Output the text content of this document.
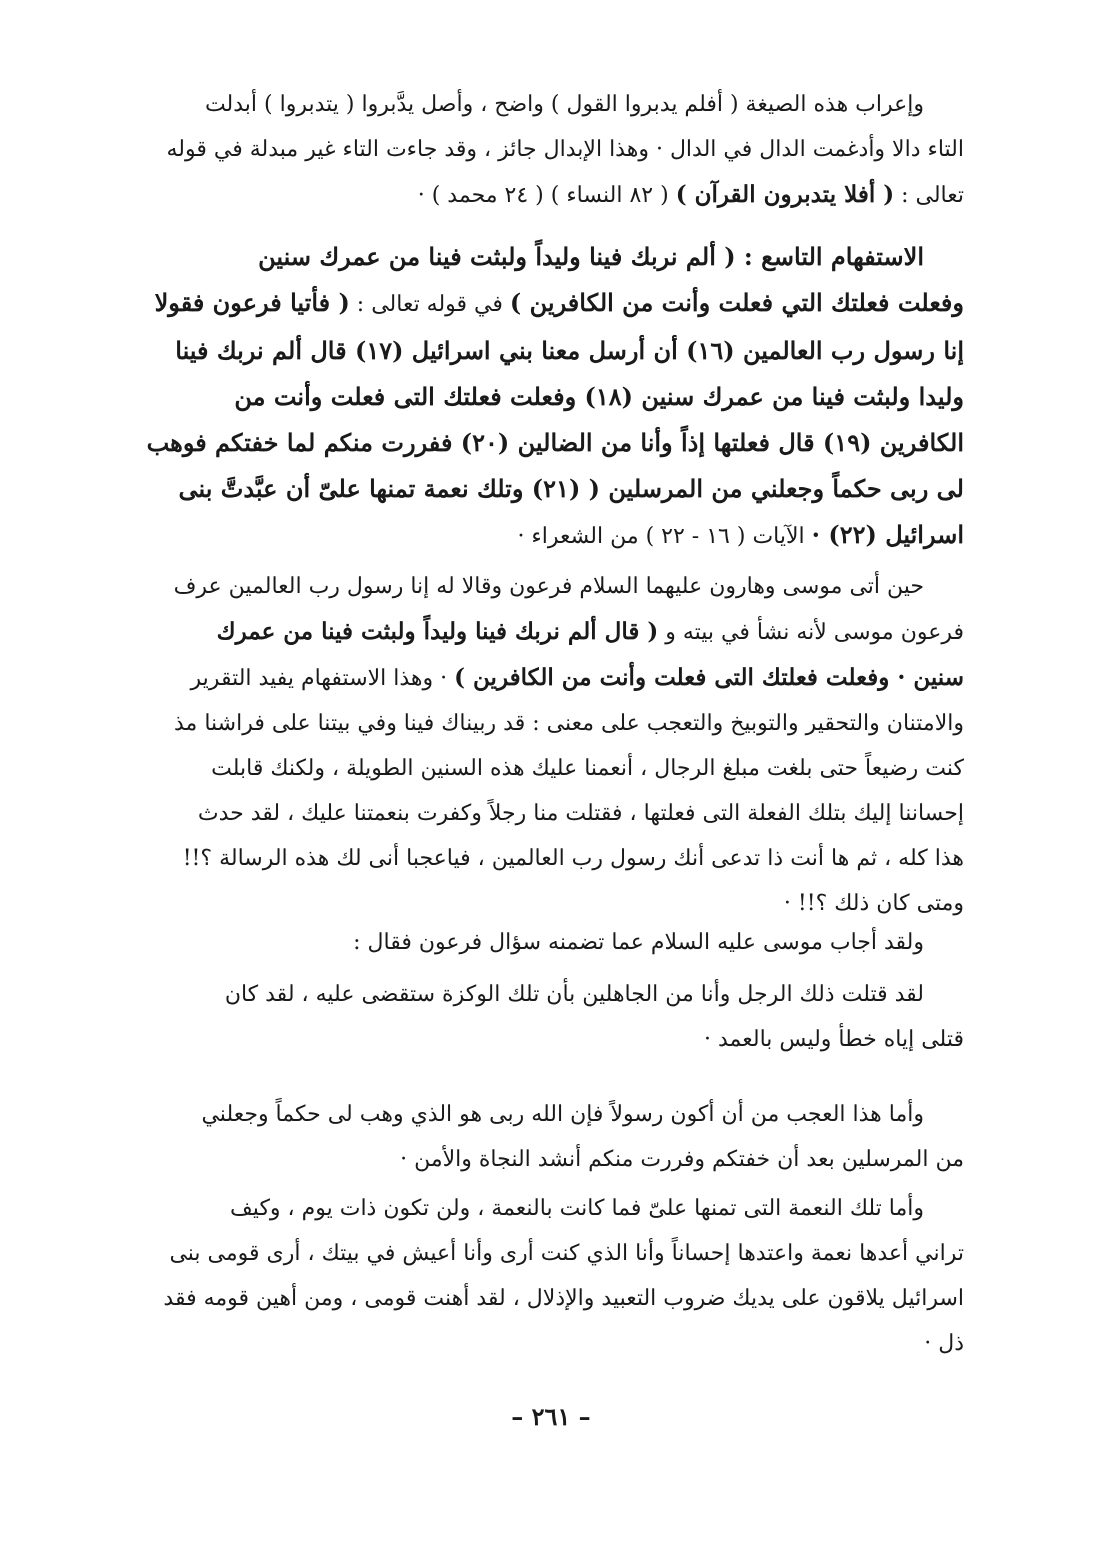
وإعراب هذه الصيغة ( أفلم يدبروا القول ) واضح ، وأصل يدَّبروا ( يتدبروا ) أبدلت

التاء دالا وأدغمت الدال في الدال · وهذا الإبدال جائز ، وقد جاءت التاء غير مبدلة في قوله

تعالى : ( أفلا يتدبرون القرآن ) ( ٨٢ النساء ) ( ٢٤ محمد ) ·

الاستفهام التاسع : ( ألم نربك فينا وليداً ولبثت فينا من عمرك سنين

وفعلت فعلتك التي فعلت وأنت من الكافرين ) في قوله تعالى : ( فأتيا فرعون فقولا

إنا رسول رب العالمين (١٦) أن أرسل معنا بني اسرائيل (١٧) قال ألم نربك فينا

وليدا ولبثت فينا من عمرك سنين (١٨) وفعلت فعلتك التى فعلت وأنت من

الكافرين (١٩) قال فعلتها إذاً وأنا من الضالين (٢٠) ففررت منكم لما خفتكم فوهب

لى ربى حكماً وجعلني من المرسلين ( (٢١) وتلك نعمة تمنها علىّ أن عبَّدتَّ بنى

اسرائيل (٢٢) · الآيات ( ١٦ - ٢٢ ) من الشعراء ·

حين أتى موسى وهارون عليهما السلام فرعون وقالا له إنا رسول رب العالمين عرف

فرعون موسى لأنه نشأ في بيته و ( قال ألم نربك فينا وليداً ولبثت فينا من عمرك

سنين · وفعلت فعلتك التى فعلت وأنت من الكافرين ) · وهذا الاستفهام يفيد التقرير

والامتنان والتحقير والتوبيخ والتعجب على معنى : قد ربيناك فينا وفي بيتنا على فراشنا مذ

كنت رضيعاً حتى بلغت مبلغ الرجال ، أنعمنا عليك هذه السنين الطويلة ، ولكنك قابلت

إحساننا إليك بتلك الفعلة التى فعلتها ، فقتلت منا رجلاً وكفرت بنعمتنا عليك ، لقد حدث

هذا كله ، ثم ها أنت ذا تدعى أنك رسول رب العالمين ، فياعجبا أنى لك هذه الرسالة ؟!!

ومتى كان ذلك ؟!! ·

ولقد أجاب موسى عليه السلام عما تضمنه سؤال فرعون فقال :

لقد قتلت ذلك الرجل وأنا من الجاهلين بأن تلك الوكزة ستقضى عليه ، لقد كان

قتلى إياه خطأ وليس بالعمد ·

وأما هذا العجب من أن أكون رسولاً فإن الله ربى هو الذي وهب لى حكماً وجعلني

من المرسلين بعد أن خفتكم وفررت منكم أنشد النجاة والأمن ·

وأما تلك النعمة التى تمنها علىّ فما كانت بالنعمة ، ولن تكون ذات يوم ، وكيف

تراني أعدها نعمة واعتدها إحساناً وأنا الذي كنت أرى وأنا أعيش في بيتك ، أرى قومى بنى

اسرائيل يلاقون على يديك ضروب التعبيد والإذلال ، لقد أهنت قومى ، ومن أهين قومه فقد

ذل ·

– ٢٦١ –
